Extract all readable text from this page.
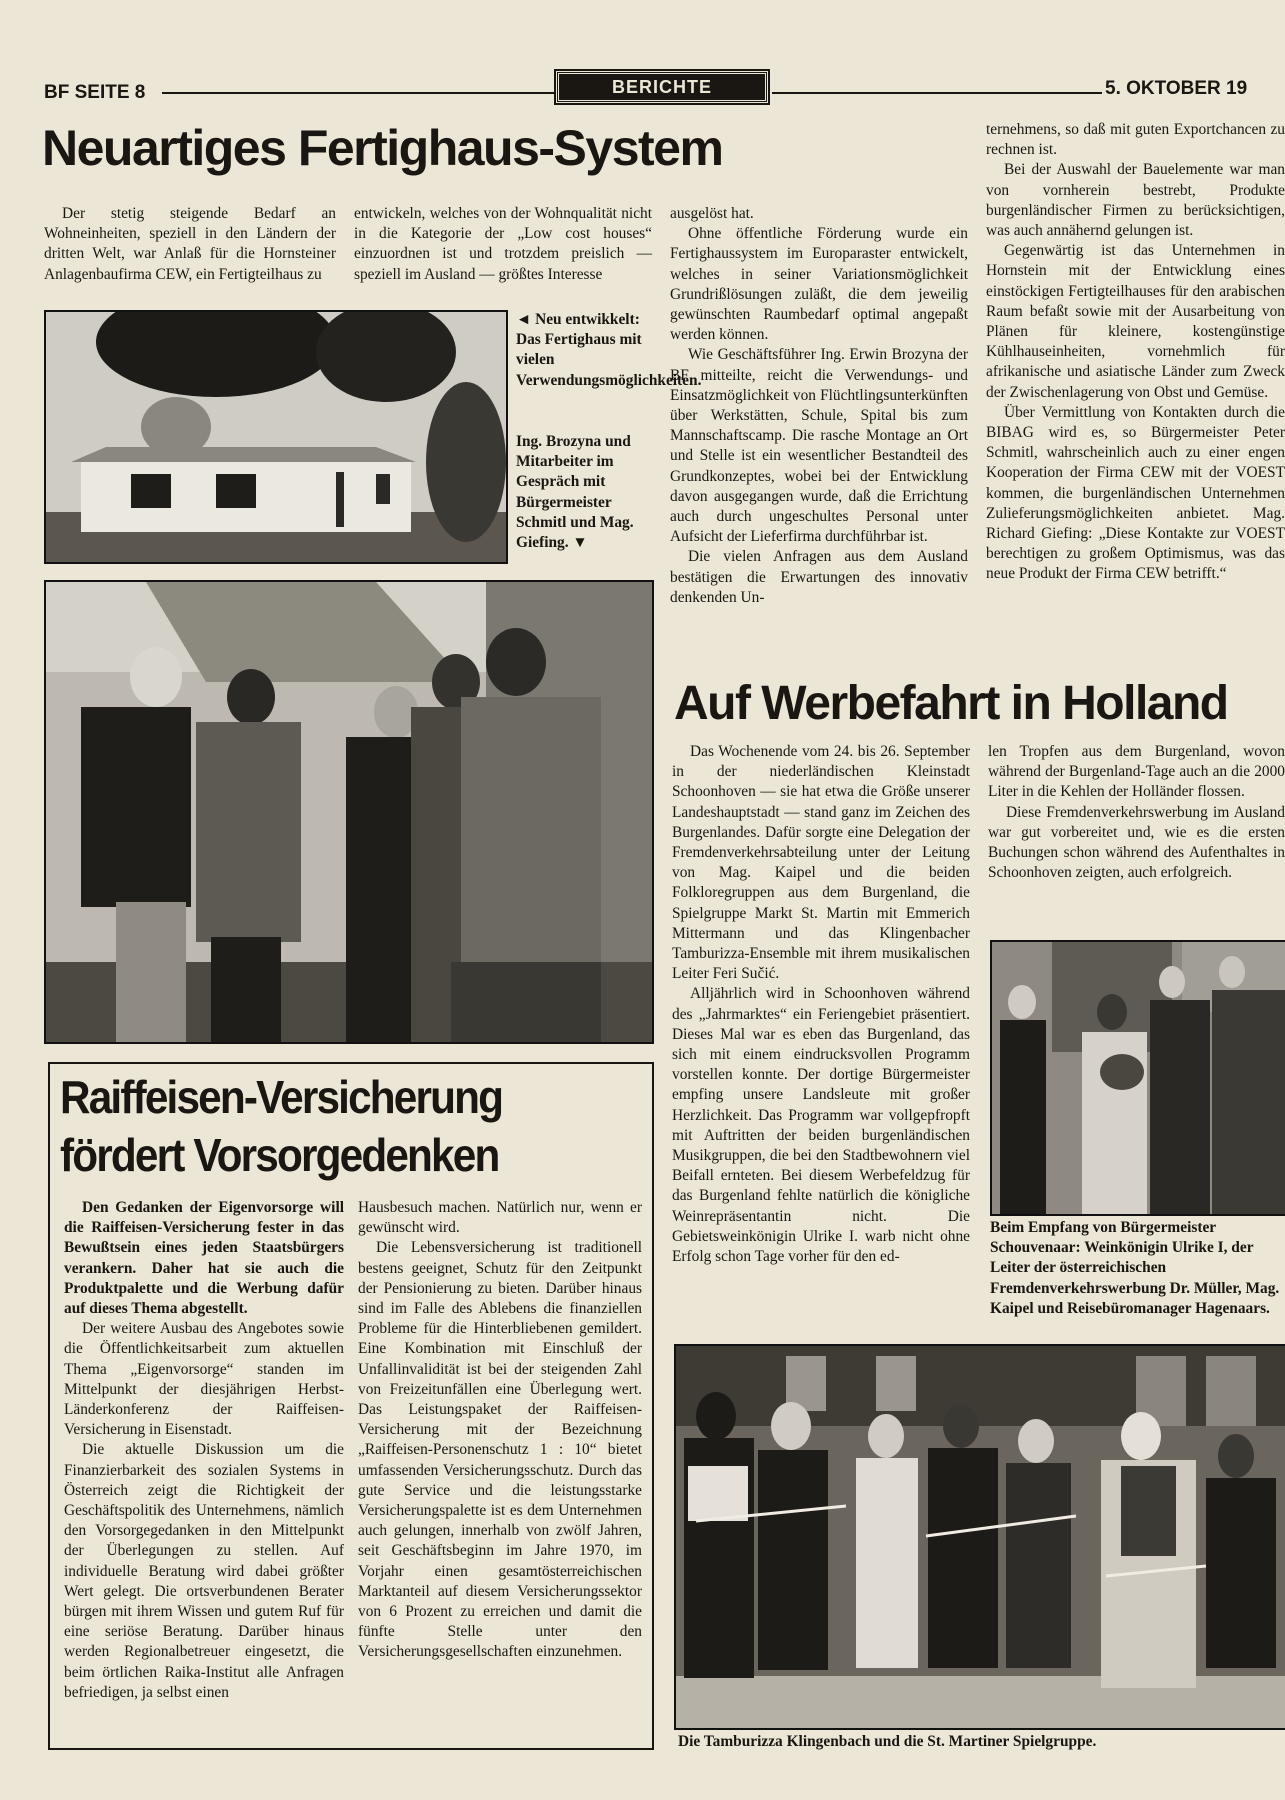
BF SEITE 8	BERICHTE	5. OKTOBER 19
Neuartiges Fertighaus-System
Der stetig steigende Bedarf an Wohneinheiten, speziell in den Ländern der dritten Welt, war Anlaß für die Hornsteiner Anlagenbaufirma CEW, ein Fertigteilhaus zu
entwickeln, welches von der Wohnqualität nicht in die Kategorie der „Low cost houses“ einzuordnen ist und trotzdem preislich — speziell im Ausland — größtes Interesse
◄ Neu entwikkelt: Das Fertighaus mit vielen Verwendungsmöglichkeiten.
Ing. Brozyna und Mitarbeiter im Gespräch mit Bürgermeister Schmitl und Mag. Giefing. ▼

ausgelöst hat.

Ohne öffentliche Förderung wurde ein Fertighaussystem im Europaraster entwickelt, welches in seiner Variationsmöglichkeit Grundrißlösungen zuläßt, die dem jeweilig gewünschten Raumbedarf optimal angepaßt werden können.

Wie Geschäftsführer Ing. Erwin Brozyna der BF mitteilte, reicht die Verwendungs- und Einsatzmöglichkeit von Flüchtlingsunterkünften über Werkstätten, Schule, Spital bis zum Mannschaftscamp. Die rasche Montage an Ort und Stelle ist ein wesentlicher Bestandteil des Grundkonzeptes, wobei bei der Entwicklung davon ausgegangen wurde, daß die Errichtung auch durch ungeschultes Personal unter Aufsicht der Lieferfirma durchführbar ist.

Die vielen Anfragen aus dem Ausland bestätigen die Erwartungen des innovativ denkenden Un-

ternehmens, so daß mit guten Exportchancen zu rechnen ist.

Bei der Auswahl der Bauelemente war man von vornherein bestrebt, Produkte burgenländischer Firmen zu berücksichtigen, was auch annähernd gelungen ist.

Gegenwärtig ist das Unternehmen in Hornstein mit der Entwicklung eines einstöckigen Fertigteilhauses für den arabischen Raum befaßt sowie mit der Ausarbeitung von Plänen für kleinere, kostengünstige Kühlhauseinheiten, vornehmlich für afrikanische und asiatische Länder zum Zweck der Zwischenlagerung von Obst und Gemüse.

Über Vermittlung von Kontakten durch die BIBAG wird es, so Bürgermeister Peter Schmitl, wahrscheinlich auch zu einer engen Kooperation der Firma CEW mit der VOEST kommen, die burgenländischen Unternehmen Zulieferungsmöglichkeiten anbietet. Mag. Richard Giefing: „Diese Kontakte zur VOEST berechtigen zu großem Optimismus, was das neue Produkt der Firma CEW betrifft.“

Auf Werbefahrt in Holland

Das Wochenende vom 24. bis 26. September in der niederländischen Kleinstadt Schoonhoven — sie hat etwa die Größe unserer Landeshauptstadt — stand ganz im Zeichen des Burgenlandes. Dafür sorgte eine Delegation der Fremdenverkehrsabteilung unter der Leitung von Mag. Kaipel und die beiden Folkloregruppen aus dem Burgenland, die Spielgruppe Markt St. Martin mit Emmerich Mittermann und das Klingenbacher Tamburizza-Ensemble mit ihrem musikalischen Leiter Feri Sučić.

Alljährlich wird in Schoonhoven während des „Jahrmarktes“ ein Feriengebiet präsentiert. Dieses Mal war es eben das Burgenland, das sich mit einem eindrucksvollen Programm vorstellen konnte. Der dortige Bürgermeister empfing unsere Landsleute mit großer Herzlichkeit. Das Programm war vollgepfropft mit Auftritten der beiden burgenländischen Musikgruppen, die bei den Stadtbewohnern viel Beifall ernteten. Bei diesem Werbefeldzug für das Burgenland fehlte natürlich die königliche Weinrepräsentantin nicht. Die Gebietsweinkönigin Ulrike I. warb nicht ohne Erfolg schon Tage vorher für den ed-

len Tropfen aus dem Burgenland, wovon während der Burgenland-Tage auch an die 2000 Liter in die Kehlen der Holländer flossen.

Diese Fremdenverkehrswerbung im Ausland war gut vorbereitet und, wie es die ersten Buchungen schon während des Aufenthaltes in Schoonhoven zeigten, auch erfolgreich.

Beim Empfang von Bürgermeister Schouvenaar: Weinkönigin Ulrike I, der Leiter der österreichischen Fremdenverkehrswerbung Dr. Müller, Mag. Kaipel und Reisebüromanager Hagenaars.
Die Tamburizza Klingenbach und die St. Martiner Spielgruppe.
Raiffeisen-Versicherung
fördert Vorsorgedenken

Den Gedanken der Eigenvorsorge will die Raiffeisen-Versicherung fester in das Bewußtsein eines jeden Staatsbürgers verankern. Daher hat sie auch die Produktpalette und die Werbung dafür auf dieses Thema abgestellt.

Der weitere Ausbau des Angebotes sowie die Öffentlichkeitsarbeit zum aktuellen Thema „Eigenvorsorge“ standen im Mittelpunkt der diesjährigen Herbst-Länderkonferenz der Raiffeisen-Versicherung in Eisenstadt.

Die aktuelle Diskussion um die Finanzierbarkeit des sozialen Systems in Österreich zeigt die Richtigkeit der Geschäftspolitik des Unternehmens, nämlich den Vorsorgegedanken in den Mittelpunkt der Überlegungen zu stellen. Auf individuelle Beratung wird dabei größter Wert gelegt. Die ortsverbundenen Berater bürgen mit ihrem Wissen und gutem Ruf für eine seriöse Beratung. Darüber hinaus werden Regionalbetreuer eingesetzt, die beim örtlichen Raika-Institut alle Anfragen befriedigen, ja selbst einen

Hausbesuch machen. Natürlich nur, wenn er gewünscht wird.

Die Lebensversicherung ist traditionell bestens geeignet, Schutz für den Zeitpunkt der Pensionierung zu bieten. Darüber hinaus sind im Falle des Ablebens die finanziellen Probleme für die Hinterbliebenen gemildert. Eine Kombination mit Einschluß der Unfallinvalidität ist bei der steigenden Zahl von Freizeitunfällen eine Überlegung wert. Das Leistungspaket der Raiffeisen-Versicherung mit der Bezeichnung „Raiffeisen-Personenschutz 1 : 10“ bietet umfassenden Versicherungsschutz. Durch das gute Service und die leistungsstarke Versicherungspalette ist es dem Unternehmen auch gelungen, innerhalb von zwölf Jahren, seit Geschäftsbeginn im Jahre 1970, im Vorjahr einen gesamtösterreichischen Marktanteil auf diesem Versicherungssektor von 6 Prozent zu erreichen und damit die fünfte Stelle unter den Versicherungsgesellschaften einzunehmen.
